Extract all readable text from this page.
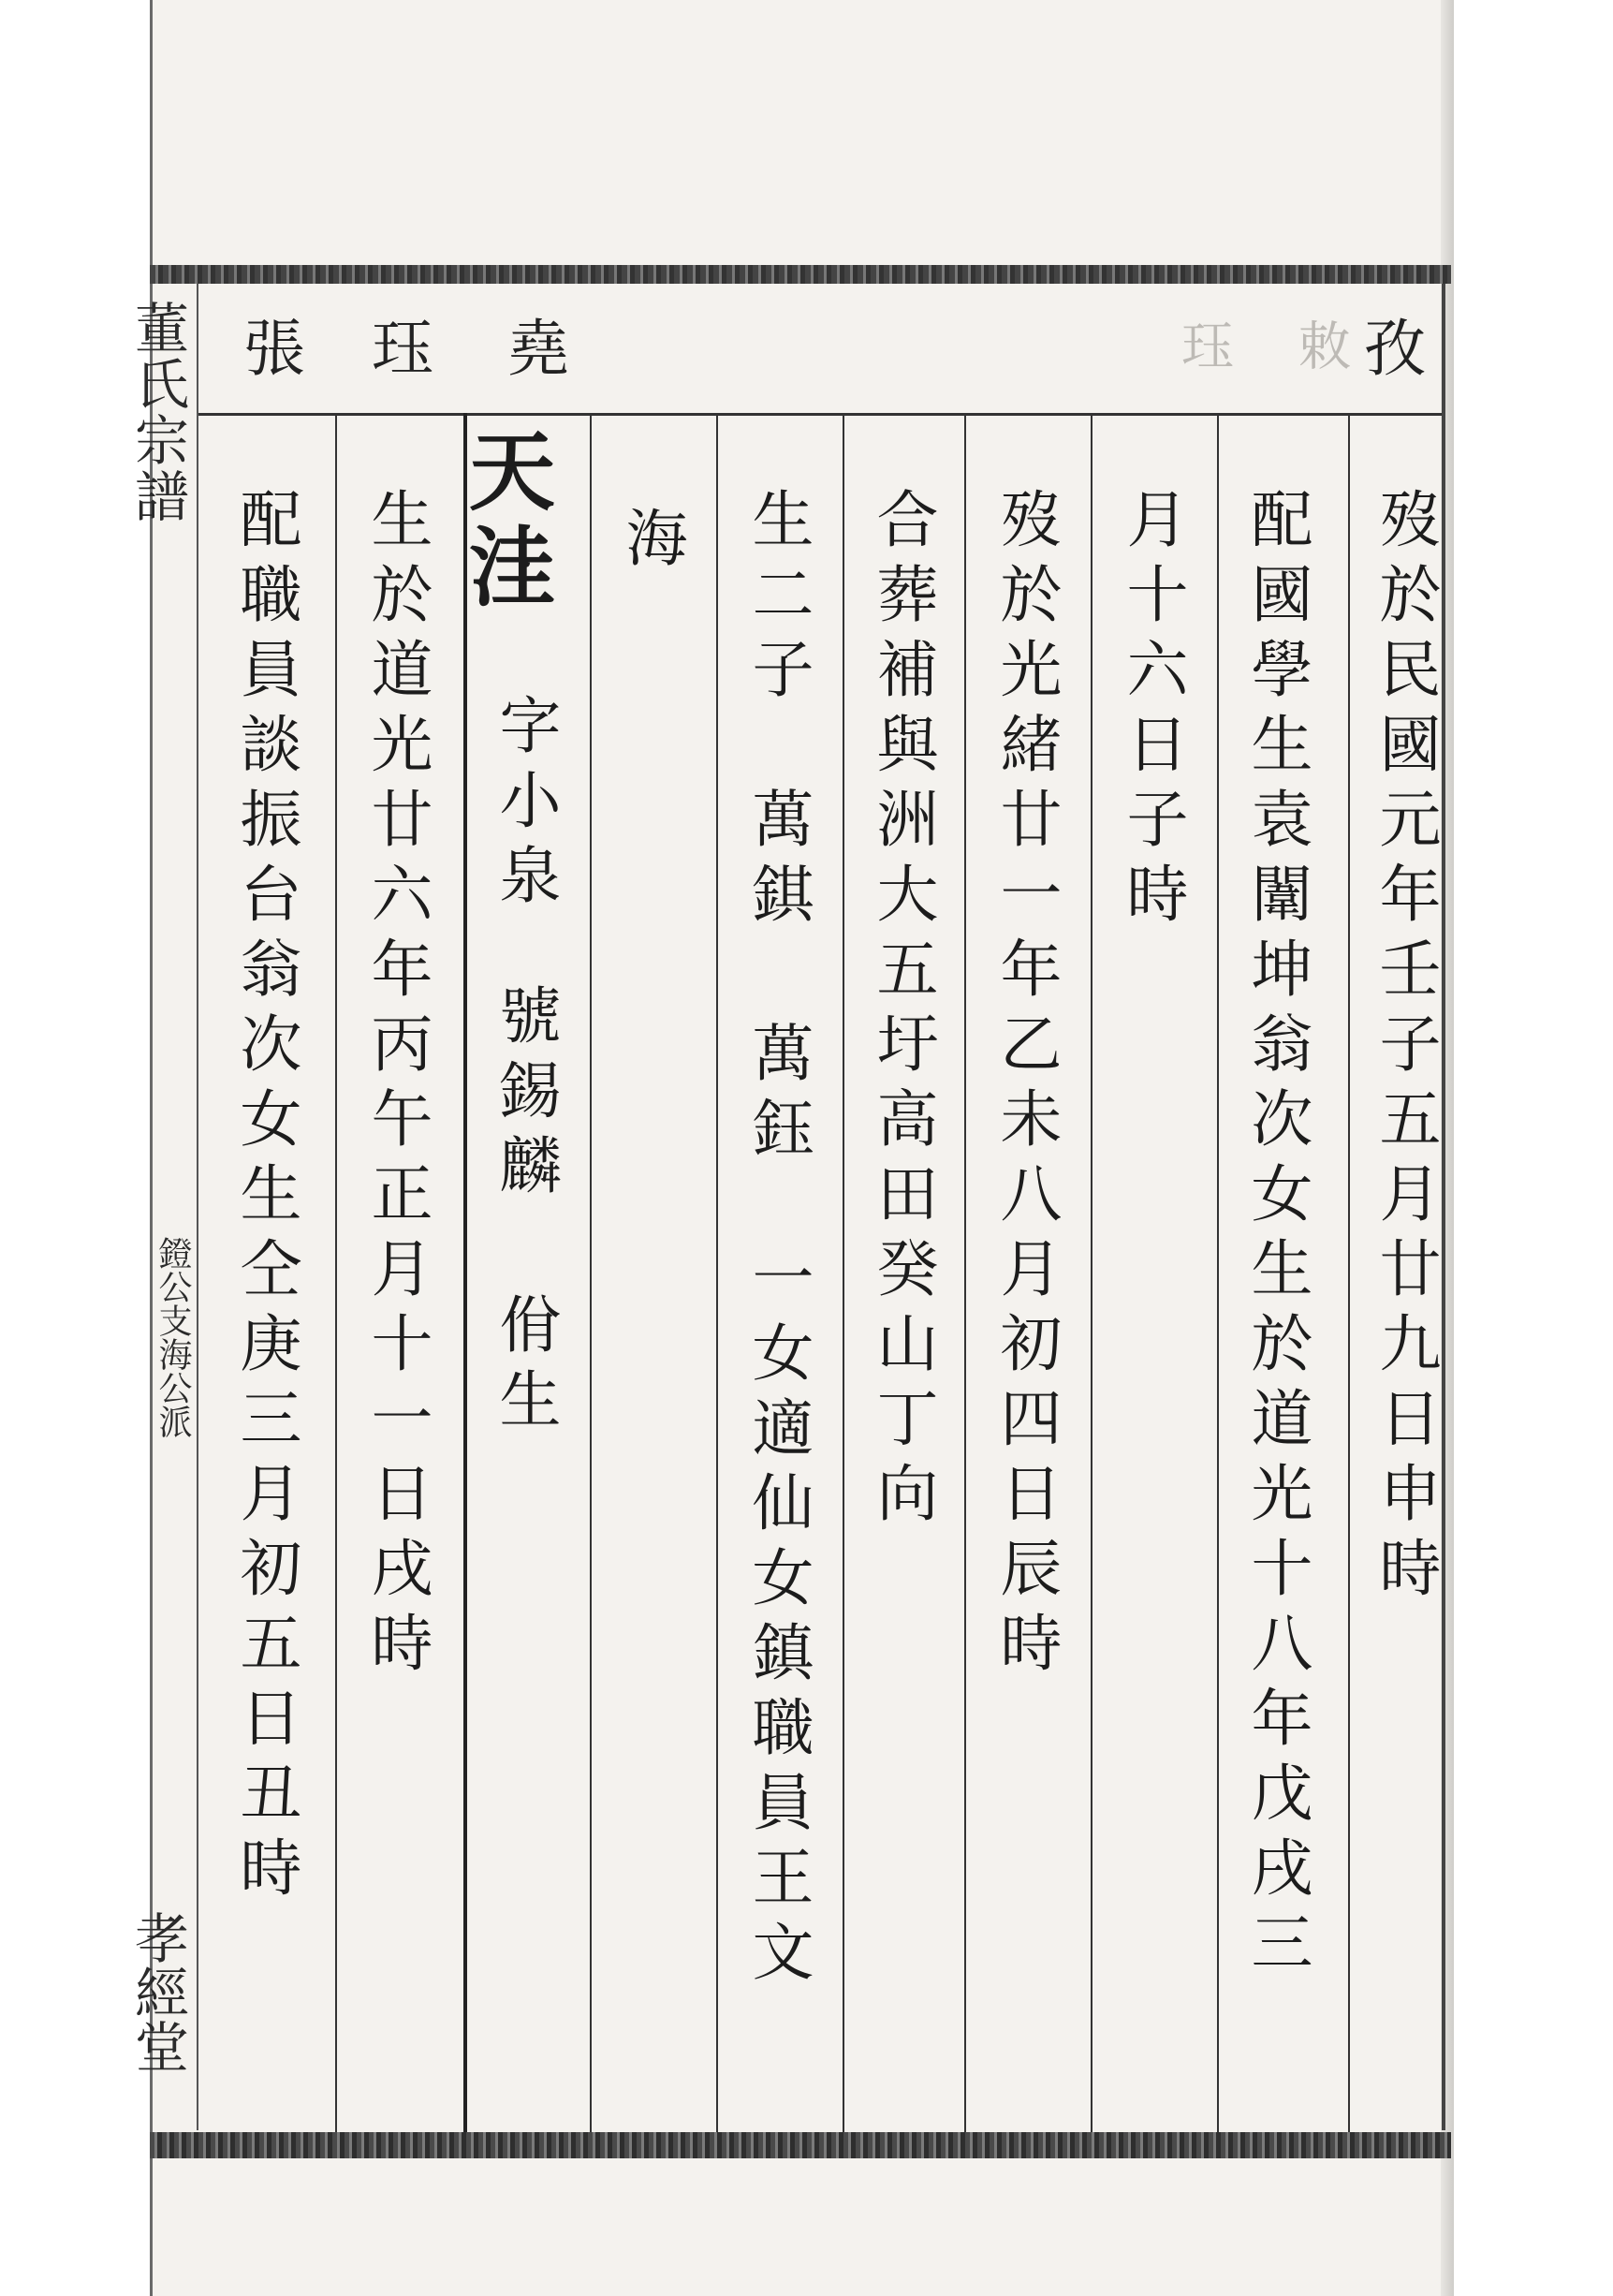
董氏宗譜
鐙公支海公派
孝經堂
孜
堯
珏
張	敕
珏
歿於民國元年壬子五月廿九日申時
配國學生袁闈坤翁次女生於道光十八年戊戌三
月十六日子時
歿於光緒廿一年乙未八月初四日辰時
合葬補與洲大五圩高田癸山丁向
生二子
萬錤
萬鈺
一女適仙女鎮職員王文
海
天洼
字小泉
號錫麟
佾生
生於道光廿六年丙午正月十一日戌時
配職員談振台翁次女生仝庚三月初五日丑時
